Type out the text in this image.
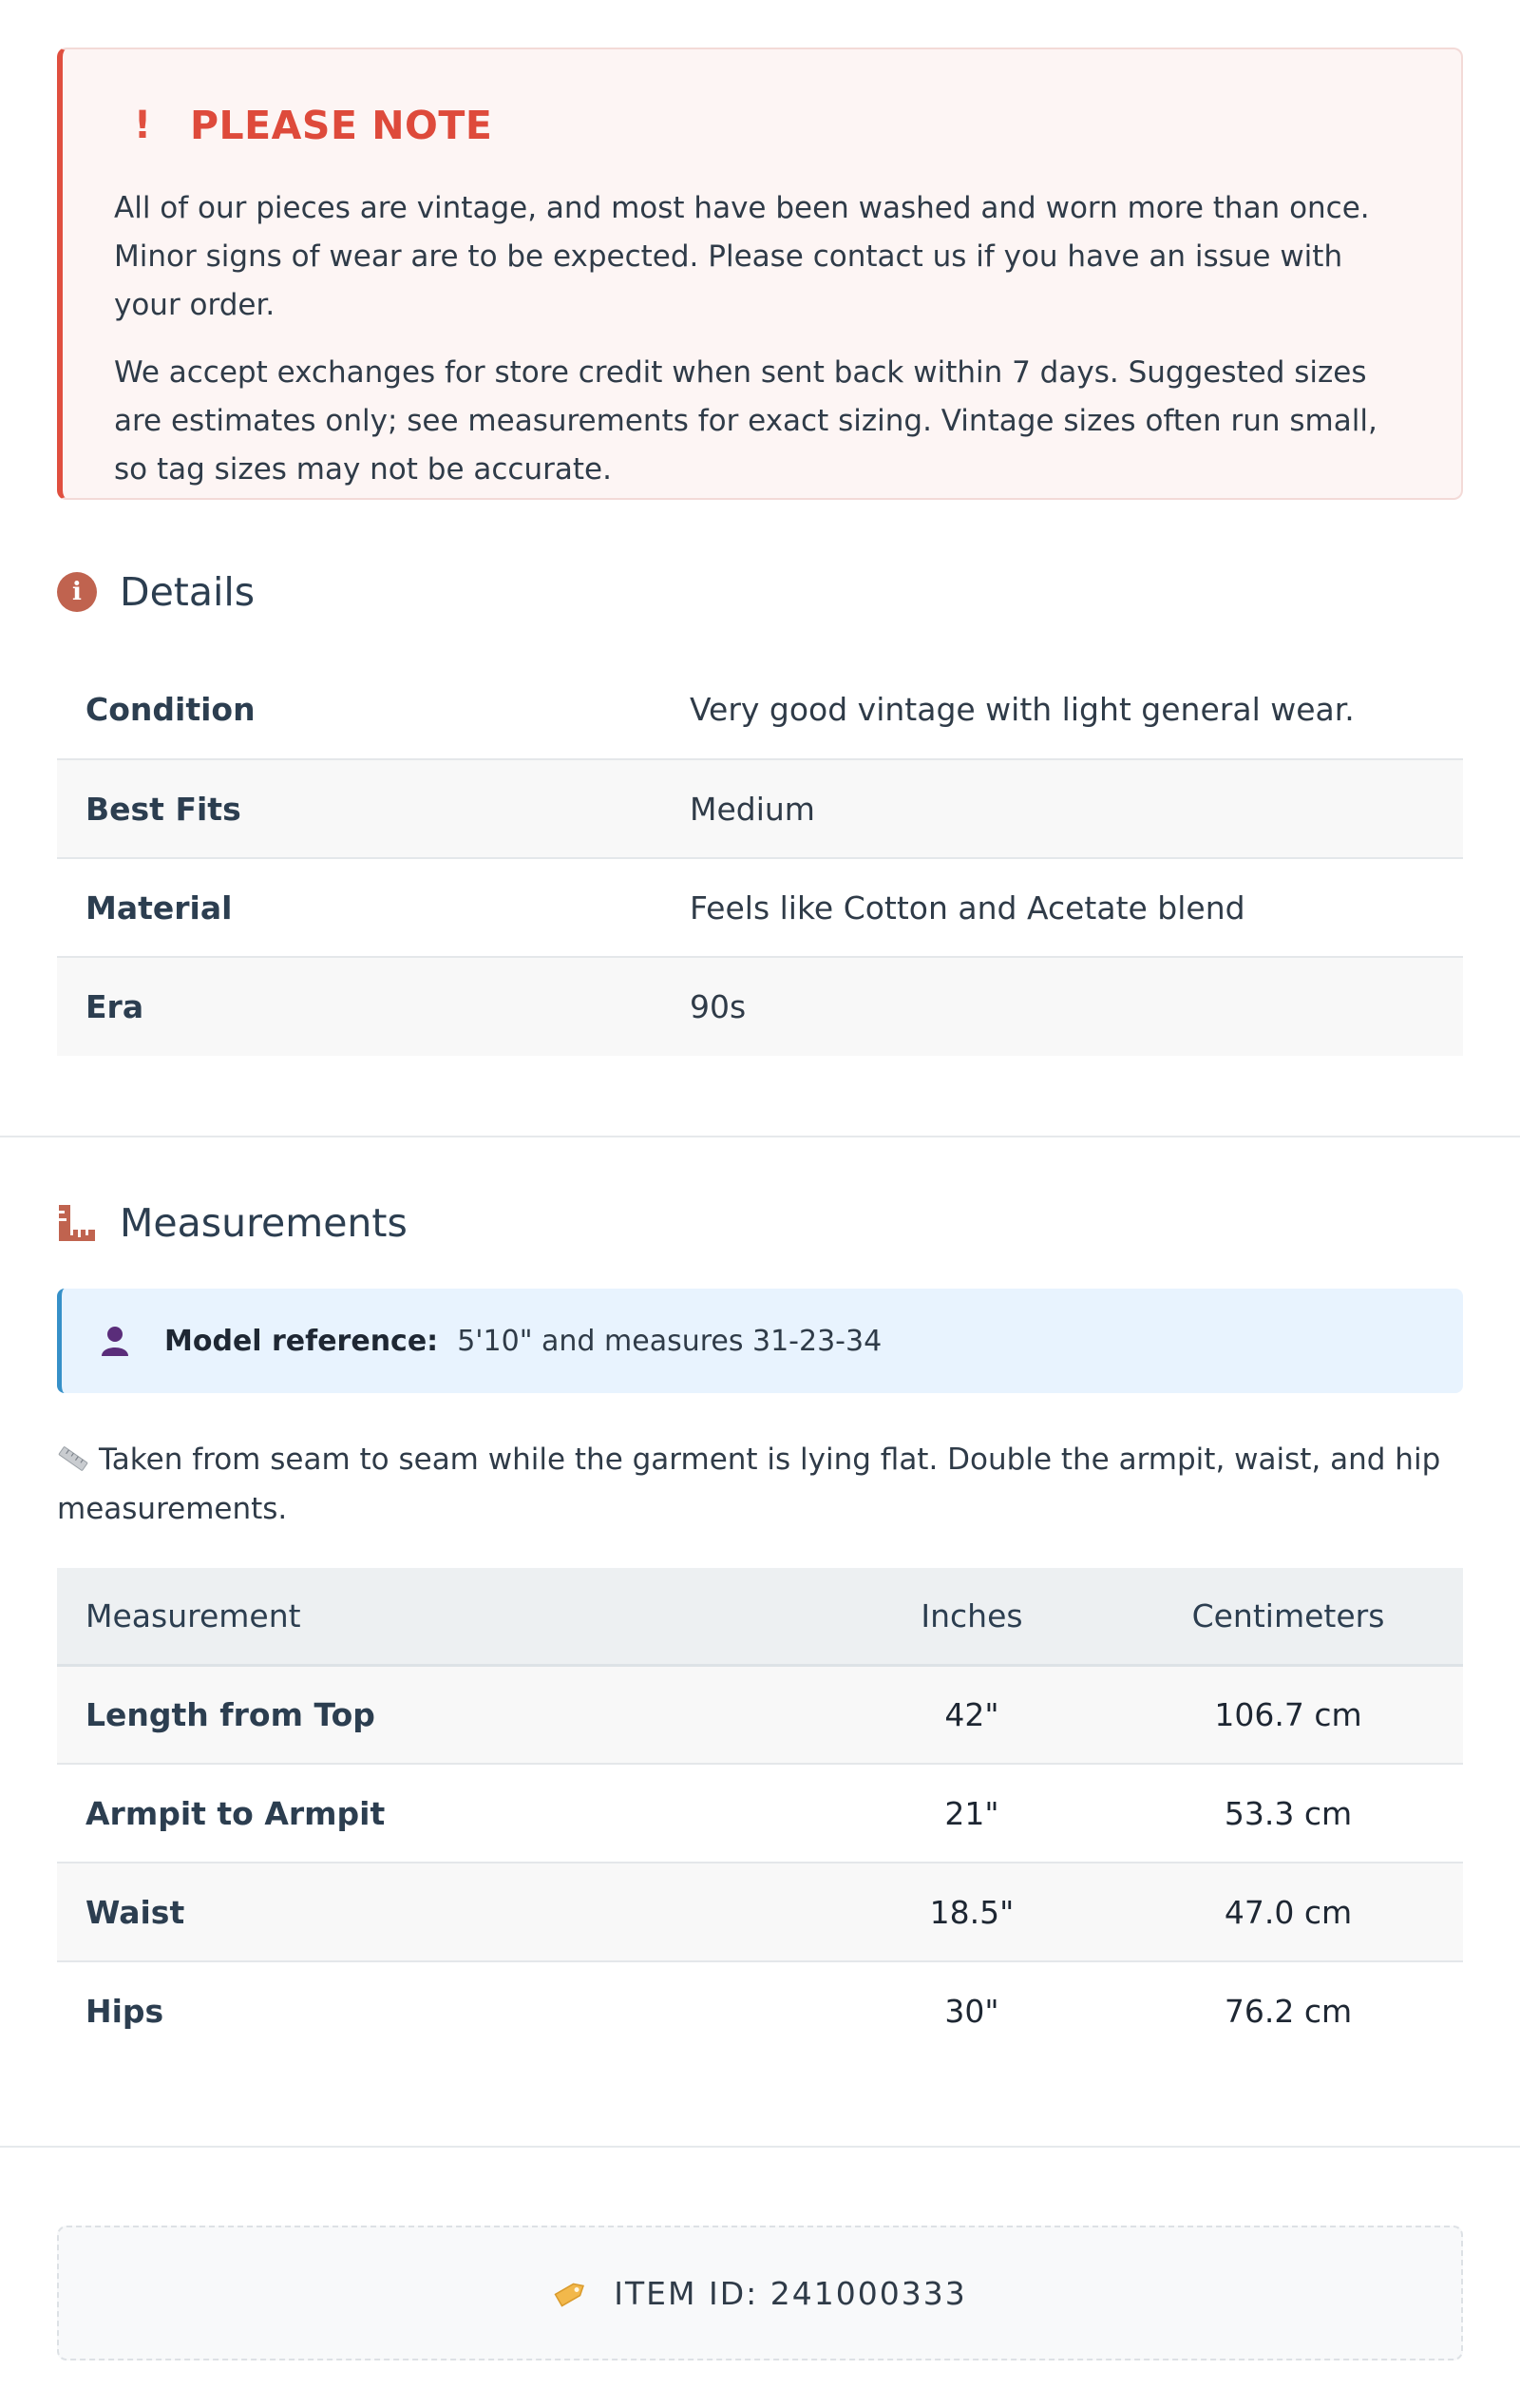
! PLEASE NOTE

All of our pieces are vintage, and most have been washed and worn more than once. Minor signs of wear are to be expected. Please contact us if you have an issue with your order.

We accept exchanges for store credit when sent back within 7 days. Suggested sizes are estimates only; see measurements for exact sizing. Vintage sizes often run small, so tag sizes may not be accurate.

i Details
Condition	Very good vintage with light general wear.
Best Fits	Medium
Material	Feels like Cotton and Acetate blend
Era	90s
Measurements
Model reference: 5'10" and measures 31-23-34
Taken from seam to seam while the garment is lying flat. Double the armpit, waist, and hip measurements.
Measurement	Inches	Centimeters
Length from Top	42"	106.7 cm
Armpit to Armpit	21"	53.3 cm
Waist	18.5"	47.0 cm
Hips	30"	76.2 cm
ITEM ID: 241000333
